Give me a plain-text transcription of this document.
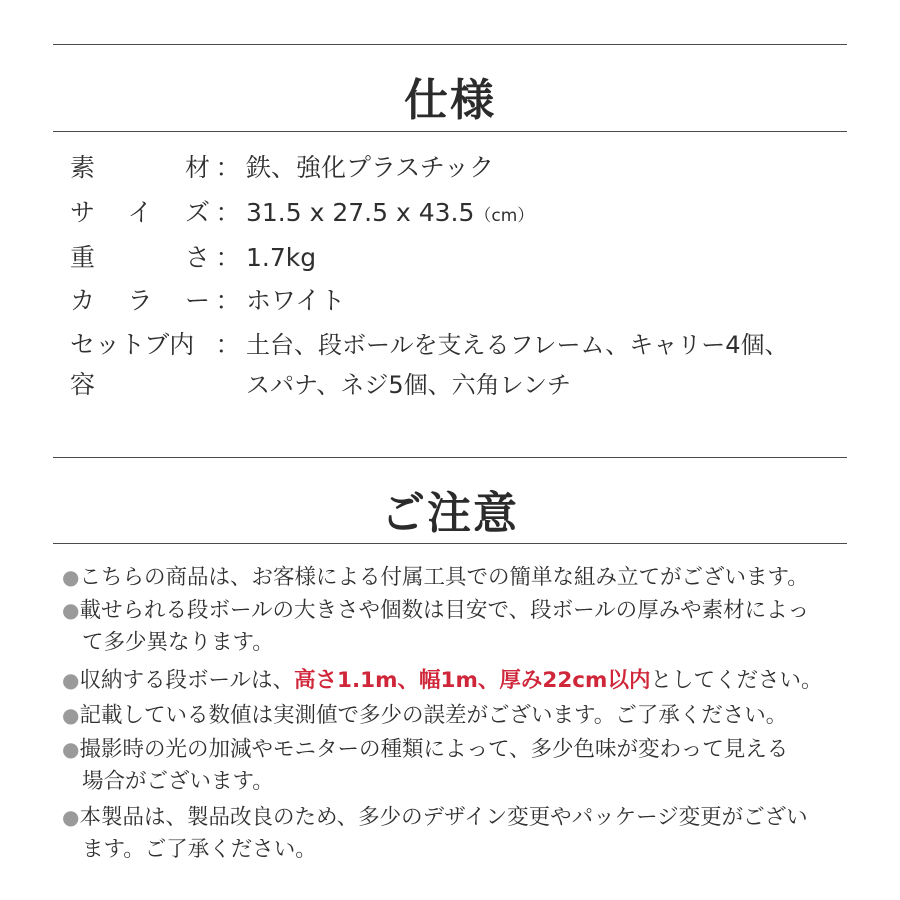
仕様
素	材 ： 鉄、強化プラスチック
サ イ ズ ： 31.5 x 27.5 x 43.5（cm）
重	さ ： 1.7kg
カ ラ ー ： ホワイト
セットブ内容
： 土台、段ボールを支えるフレーム、キャリー4個、
スパナ、ネジ5個、六角レンチ
ご注意
●こちらの商品は、お客様による付属工具での簡単な組み立てがございます。
●載せられる段ボールの大きさや個数は目安で、段ボールの厚みや素材によっ
て多少異なります。
●収納する段ボールは、高さ1.1m、幅1m、厚み22cm以内としてください。
●記載している数値は実測値で多少の誤差がございます。ご了承ください。
●撮影時の光の加減やモニターの種類によって、多少色味が変わって見える
場合がございます。
●本製品は、製品改良のため、多少のデザイン変更やパッケージ変更がござい
ます。ご了承ください。
